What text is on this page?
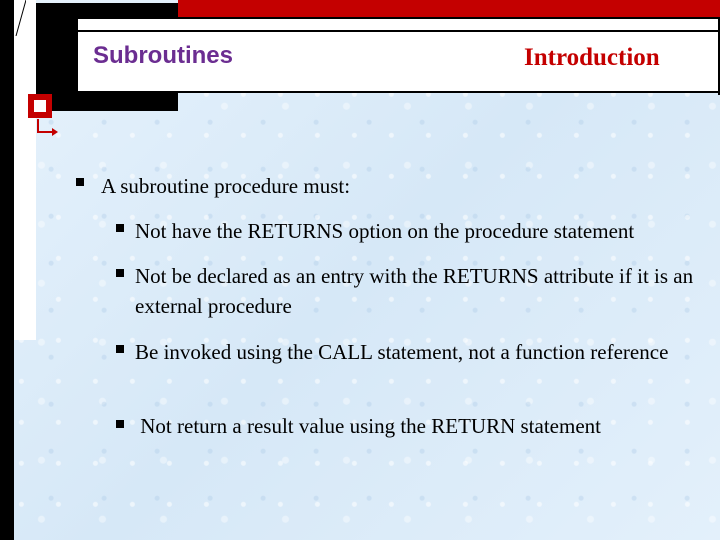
Subroutines	Introduction
A subroutine procedure must:
Not have the RETURNS option on the procedure statement
Not be declared as an entry with the RETURNS attribute if it is an external procedure
Be invoked using the CALL statement, not a function reference
Not return a result value using the RETURN statement
